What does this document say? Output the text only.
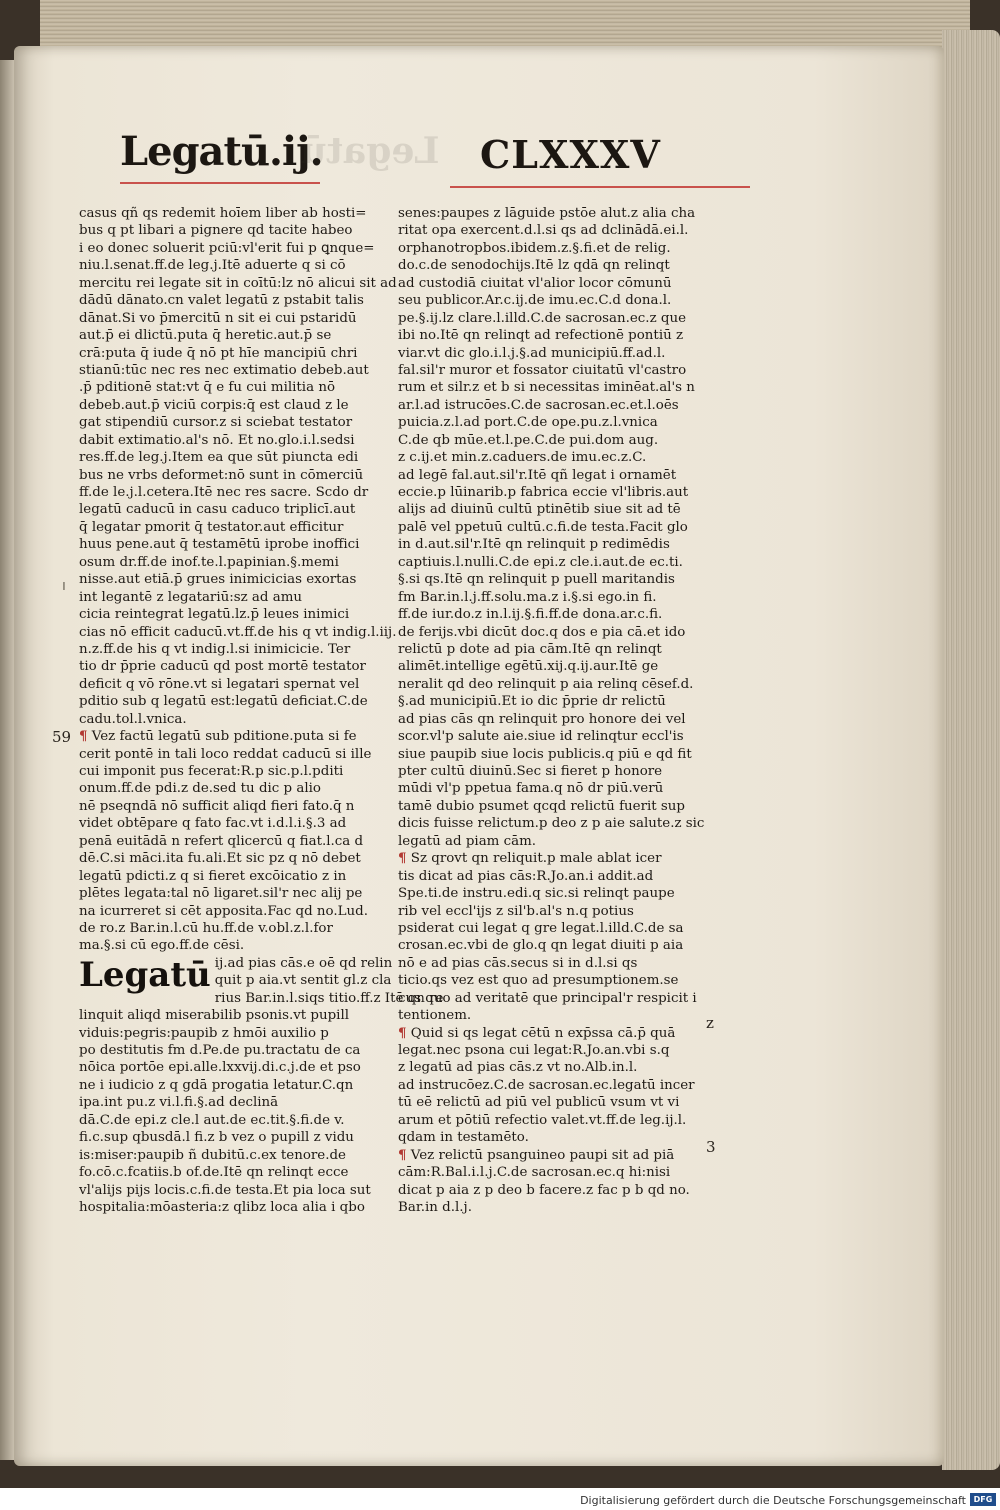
Legatū.ij.
Legatū CLXXXV
casus qñ qs redemit hoīem liber ab hosti=
bus q pt libari a pignere qd tacite habeo
i eo donec soluerit pciū:vl'erit fui p ꝗnque=
niu.l.senat.ff.de leg.j.Itē aduerte q si cō
mercitu rei legate sit in coītū:lz nō alicui sit ad
dādū dānato.cn valet legatū z pstabit talis
dānat.Si vo p̄mercitū n sit ei cui pstaridū
aut.p̄ ei dlictū.puta q̄ heretic.aut.p̄ se
crā:puta q̄ iude q̄ nō pt hīe mancipiū chri
stianū:tūc nec res nec extimatio debeb.aut
.p̄ pditionē stat:vt q̄ e fu cui militia nō
debeb.aut.p̄ viciū corpis:q̄ est claud z le
gat stipendiū cursor.z si sciebat testator
dabit extimatio.al's nō. Et no.glo.i.l.sedsi
res.ff.de leg.j.Item ea que sūt piuncta edi
bus ne vrbs deformet:nō sunt in cōmerciū
ff.de le.j.l.cetera.Itē nec res sacre. Scdo dr
legatū caducū in casu caduco triplicī.aut
q̄ legatar pmorit q̄ testator.aut efficitur
huus pene.aut q̄ testamētū iprobe inoffici
osum dr.ff.de inof.te.l.papinian.§.memi
nisse.aut etiā.p̄ grues inimicicias exortas
int legantē z legatariū:sz ad amu
cicia reintegrat legatū.lz.p̄ leues inimici
cias nō efficit caducū.vt.ff.de his q vt indig.l.iij.
n.z.ff.de his q vt indig.l.si inimicicie. Ter
tio dr p̄prie caducū qd post mortē testator
deficit q vō rōne.vt si legatari spernat vel
pditio sub q legatū est:legatū deficiat.C.de
cadu.tol.l.vnica.
¶ Vez factū legatū sub pditione.puta si fe
cerit pontē in tali loco reddat caducū si ille
cui imponit pus fecerat:R.p sic.p.l.pditi
onum.ff.de pdi.z de.sed tu dic p alio
nē pseqndā nō sufficit aliqd fieri fato.q̄ n
videt obtēpare q fato fac.vt i.d.l.i.§.3 ad
penā euitādā n refert qlicercū q fiat.l.ca d
dē.C.si māci.ita fu.ali.Et sic pz q nō debet
legatū pdicti.z q si fieret excōicatio z in
plētes legata:tal nō ligaret.sil'r nec alij pe
na icurreret si cēt apposita.Fac qd no.Lud.
de ro.z Bar.in.l.cū hu.ff.de v.obl.z.l.for
ma.§.si cū ego.ff.de cēsi.
Legatū ij.ad pias cās.e oē qd relin
quit p aia.vt sentit gl.z cla
rius Bar.in.l.siqs titio.ff.z Itē qn re
linquit aliqd miserabilib psonis.vt pupill
viduis:pegris:paupib z hmōi auxilio p
po destitutis fm d.Pe.de pu.tractatu de ca
nōica portōe epi.alle.lxxvij.di.c.j.de et pso
ne i iudicio z q gdā progatia letatur.C.qn
ipa.int pu.z vi.l.fi.§.ad declinā
dā.C.de epi.z cle.l aut.de ec.tit.§.fi.de v.
fi.c.sup qbusdā.l fi.z b vez o pupill z vidu
is:miser:paupib ñ dubitū.c.ex tenore.de
fo.cō.c.fcatiis.b of.de.Itē qn relinqt ecce
vl'alijs pijs locis.c.fi.de testa.Et pia loca sut
hospitalia:mōasteria:z qlibz loca alia i qbo
senes:paupes z lāguide pstōe alut.z alia cha
ritat opa exercent.d.l.si qs ad dclinādā.ei.l.
orphanotropbos.ibidem.z.§.fi.et de relig.
do.c.de senodochijs.Itē lz qdā qn relinqt
ad custodiā ciuitat vl'alior locor cōmunū
seu publicor.Ar.c.ij.de imu.ec.C.d dona.l.
pe.§.ij.lz clare.l.illd.C.de sacrosan.ec.z que
ibi no.Itē qn relinqt ad refectionē pontiū z
viar.vt dic glo.i.l.j.§.ad municipiū.ff.ad.l.
fal.sil'r muror et fossator ciuitatū vl'castro
rum et silr.z et b si necessitas iminēat.al's n
ar.l.ad istrucōes.C.de sacrosan.ec.et.l.oēs
puicia.z.l.ad port.C.de ope.pu.z.l.vnica
C.de qb mūe.et.l.pe.C.de pui.dom aug.
z c.ij.et min.z.caduers.de imu.ec.z.C.
ad legē fal.aut.sil'r.Itē qñ legat i ornamēt
eccie.p lūinarib.p fabrica eccie vl'libris.aut
alijs ad diuinū cultū ptinētib siue sit ad tē
palē vel ppetuū cultū.c.fi.de testa.Facit glo
in d.aut.sil'r.Itē qn relinquit p redimēdis
captiuis.l.nulli.C.de epi.z cle.i.aut.de ec.ti.
§.si qs.Itē qn relinquit p puell maritandis
fm Bar.in.l.j.ff.solu.ma.z i.§.si ego.in fi.
ff.de iur.do.z in.l.ij.§.fi.ff.de dona.ar.c.fi.
de ferijs.vbi dicūt doc.q dos e pia cā.et ido
relictū p dote ad pia cām.Itē qn relinqt
alimēt.intellige egētū.xij.q.ij.aur.Itē ge
neralit qd deo relinquit p aia relinq cēsef.d.
§.ad municipiū.Et io dic p̄prie dr relictū
ad pias cās qn relinquit pro honore dei vel
scor.vl'p salute aie.siue id relinqtur eccl'is
siue paupib siue locis publicis.q piū e qd fit
pter cultū diuinū.Sec si fieret p honore
mūdi vl'p ppetua fama.q nō dr piū.verū
tamē dubio psumet qcqd relictū fuerit sup
dicis fuisse relictum.p deo z p aie salute.z sic
legatū ad piam cām.
¶ Sz qrovt qn reliquit.p male ablat icer
tis dicat ad pias cās:R.Jo.an.i addit.ad
Spe.ti.de instru.edi.q sic.si relinqt paupe
rib vel eccl'ijs z sil'b.al's n.q potius
psiderat cui legat q gre legat.l.illd.C.de sa
crosan.ec.vbi de glo.q qn legat diuiti p aia
nō e ad pias cās.secus si in d.l.si qs
ticio.qs vez est quo ad presumptionem.se
cus quo ad veritatē que principal'r respicit i
tentionem.
¶ Quid si qs legat cētū n exp̄ssa cā.p̄ quā
legat.nec psona cui legat:R.Jo.an.vbi s.q
z legatū ad pias cās.z vt no.Alb.in.l.
ad instrucōez.C.de sacrosan.ec.legatū incer
tū eē relictū ad piū vel publicū vsum vt vi
arum et pōtiū refectio valet.vt.ff.de leg.ij.l.
qdam in testamēto.
¶ Vez relictū psanguineo paupi sit ad piā
cām:R.Bal.i.l.j.C.de sacrosan.ec.q hi:nisi
dicat p aia z p deo b facere.z fac p b qd no.
Bar.in d.l.j.
59
z
3
ı
Digitalisierung gefördert durch die Deutsche Forschungsgemeinschaft DFG
